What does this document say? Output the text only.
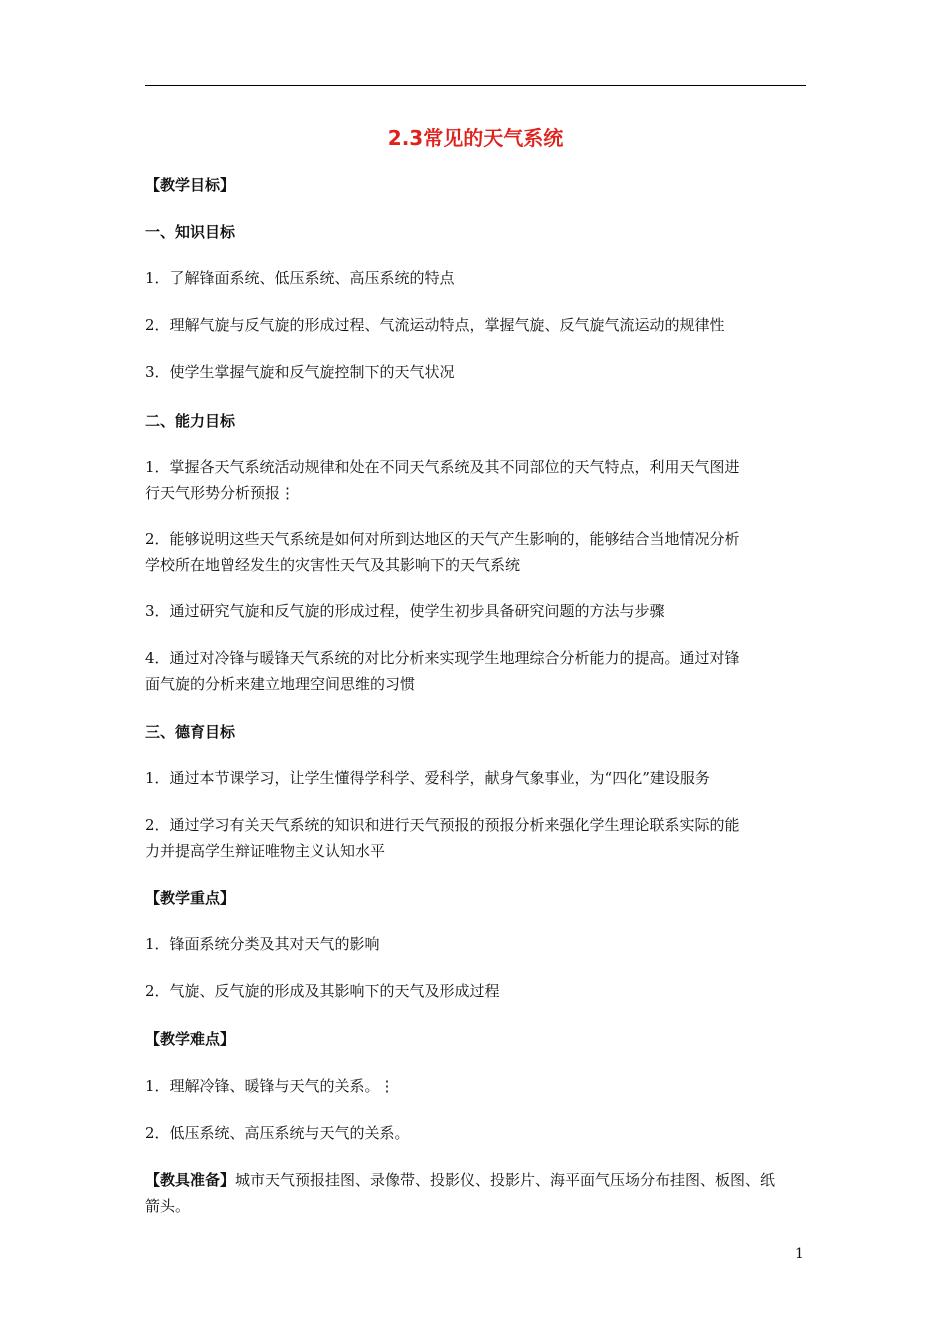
2.3常见的天气系统
【教学目标】
一、知识目标
1．了解锋面系统、低压系统、高压系统的特点
2．理解气旋与反气旋的形成过程、气流运动特点，掌握气旋、反气旋气流运动的规律性
3．使学生掌握气旋和反气旋控制下的天气状况
二、能力目标
1．掌握各天气系统活动规律和处在不同天气系统及其不同部位的天气特点，利用天气图进
行天气形势分析预报⋮
2．能够说明这些天气系统是如何对所到达地区的天气产生影响的，能够结合当地情况分析
学校所在地曾经发生的灾害性天气及其影响下的天气系统
3．通过研究气旋和反气旋的形成过程，使学生初步具备研究问题的方法与步骤
4．通过对冷锋与暖锋天气系统的对比分析来实现学生地理综合分析能力的提高。通过对锋
面气旋的分析来建立地理空间思维的习惯
三、德育目标
1．通过本节课学习，让学生懂得学科学、爱科学，献身气象事业，为“四化”建设服务
2．通过学习有关天气系统的知识和进行天气预报的预报分析来强化学生理论联系实际的能
力并提高学生辩证唯物主义认知水平
【教学重点】
1．锋面系统分类及其对天气的影响
2．气旋、反气旋的形成及其影响下的天气及形成过程
【教学难点】
1．理解冷锋、暖锋与天气的关系。⋮
2．低压系统、高压系统与天气的关系。
【教具准备】城市天气预报挂图、录像带、投影仪、投影片、海平面气压场分布挂图、板图、纸
箭头。
1
